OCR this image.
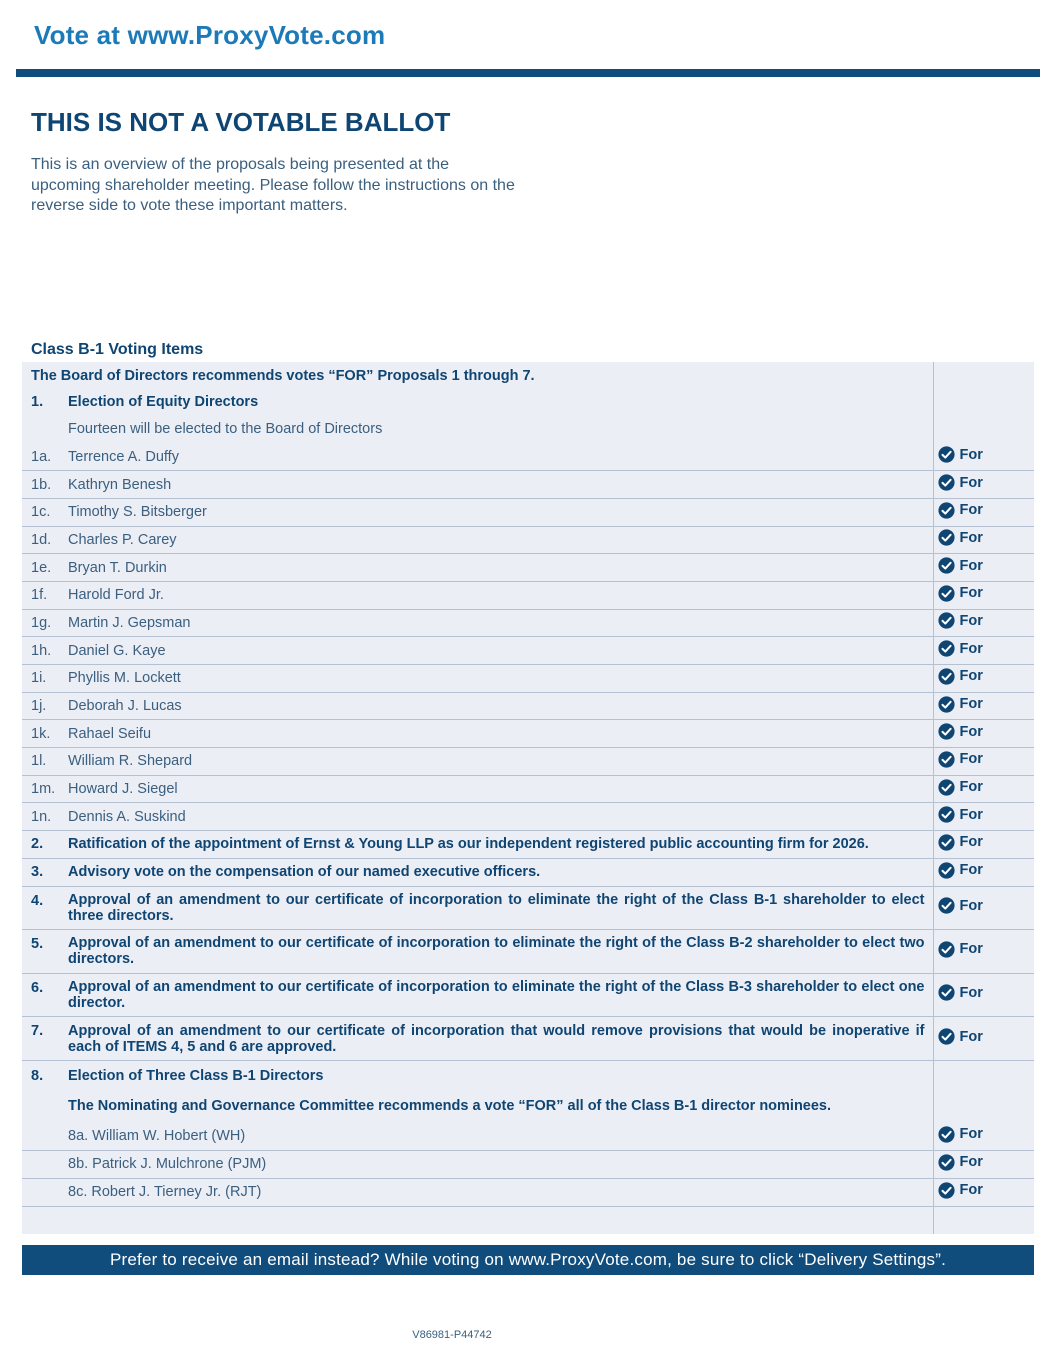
Vote at www.ProxyVote.com
THIS IS NOT A VOTABLE BALLOT
This is an overview of the proposals being presented at the upcoming shareholder meeting. Please follow the instructions on the reverse side to vote these important matters.
Class B-1 Voting Items
The Board of Directors recommends votes “FOR” Proposals 1 through 7.		
1.	Election of Equity Directors	
	Fourteen will be elected to the Board of Directors	
1a.	Terrence A. Duffy	For

1b.	Kathryn Benesh	For

1c.	Timothy S. Bitsberger	For

1d.	Charles P. Carey	For

1e.	Bryan T. Durkin	For

1f.	Harold Ford Jr.	For

1g.	Martin J. Gepsman	For

1h.	Daniel G. Kaye	For

1i.	Phyllis M. Lockett	For

1j.	Deborah J. Lucas	For

1k.	Rahael Seifu	For

1l.	William R. Shepard	For

1m.	Howard J. Siegel	For

1n.	Dennis A. Suskind	For

2.	Ratification of the appointment of Ernst & Young LLP as our independent registered public accounting firm for 2026.	For

3.	Advisory vote on the compensation of our named executive officers.	For

4.	Approval of an amendment to our certificate of incorporation to eliminate the right of the Class B-1 shareholder to elect three directors.	For

5.	Approval of an amendment to our certificate of incorporation to eliminate the right of the Class B-2 shareholder to elect two directors.	For

6.	Approval of an amendment to our certificate of incorporation to eliminate the right of the Class B-3 shareholder to elect one director.	For

7.	Approval of an amendment to our certificate of incorporation that would remove provisions that would be inoperative if each of ITEMS 4, 5 and 6 are approved.	For

8.	Election of Three Class B-1 Directors	
	The Nominating and Governance Committee recommends a vote “FOR” all of the Class B-1 director nominees.	
	8a. William W. Hobert (WH)	For

	8b. Patrick J. Mulchrone (PJM)	For

	8c. Robert J. Tierney Jr. (RJT)	For

Prefer to receive an email instead? While voting on www.ProxyVote.com, be sure to click “Delivery Settings”.
V86981-P44742
